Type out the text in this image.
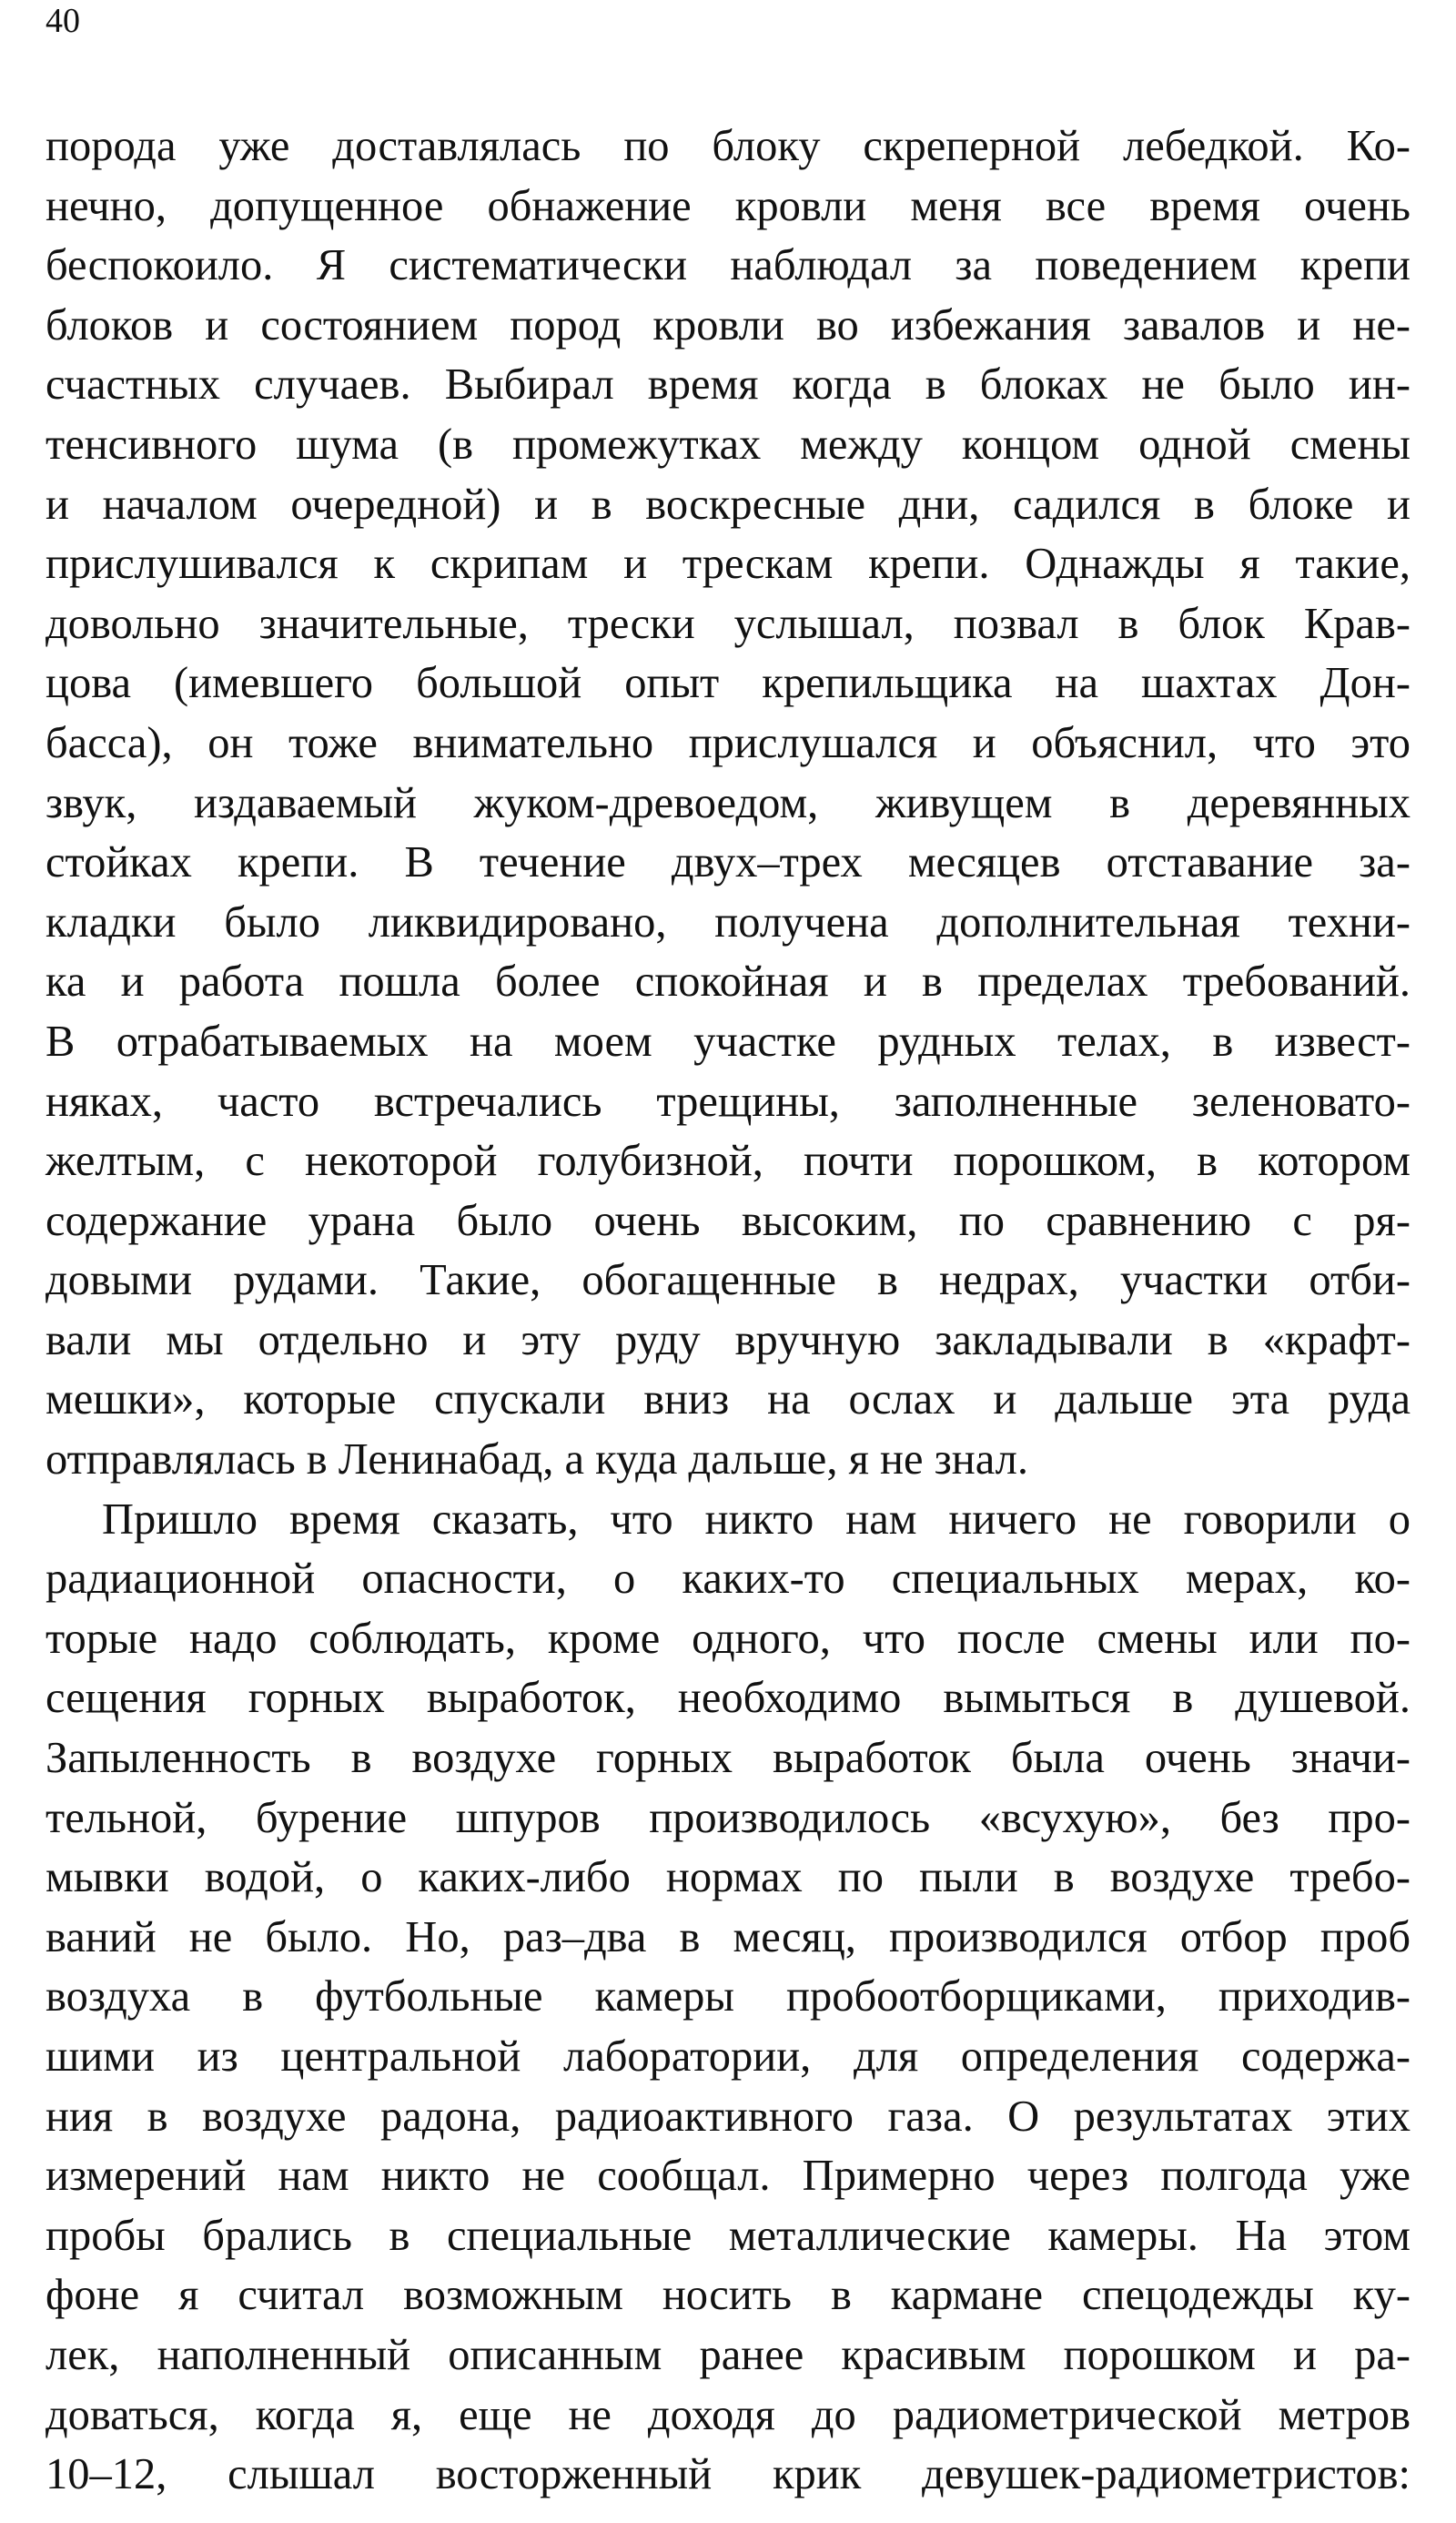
40
порода уже доставлялась по блоку скреперной лебедкой. Ко-
нечно, допущенное обнажение кровли меня все время очень
беспокоило. Я систематически наблюдал за поведением крепи
блоков и состоянием пород кровли во избежания завалов и не-
счастных случаев. Выбирал время когда в блоках не было ин-
тенсивного шума (в промежутках между концом одной смены
и началом очередной) и в воскресные дни, садился в блоке и
прислушивался к скрипам и трескам крепи. Однажды я такие,
довольно значительные, трески услышал, позвал в блок Крав-
цова (имевшего большой опыт крепильщика на шахтах Дон-
басса), он тоже внимательно прислушался и объяснил, что это
звук, издаваемый жуком-древоедом, живущем в деревянных
стойках крепи. В течение двух–трех месяцев отставание за-
кладки было ликвидировано, получена дополнительная техни-
ка и работа пошла более спокойная и в пределах требований.
В отрабатываемых на моем участке рудных телах, в извест-
няках, часто встречались трещины, заполненные зеленовато-
желтым, с некоторой голубизной, почти порошком, в котором
содержание урана было очень высоким, по сравнению с ря-
довыми рудами. Такие, обогащенные в недрах, участки отби-
вали мы отдельно и эту руду вручную закладывали в «крафт-
мешки», которые спускали вниз на ослах и дальше эта руда
отправлялась в Ленинабад, а куда дальше, я не знал.
Пришло время сказать, что никто нам ничего не говорили о
радиационной опасности, о каких-то специальных мерах, ко-
торые надо соблюдать, кроме одного, что после смены или по-
сещения горных выработок, необходимо вымыться в душевой.
Запыленность в воздухе горных выработок была очень значи-
тельной, бурение шпуров производилось «всухую», без про-
мывки водой, о каких-либо нормах по пыли в воздухе требо-
ваний не было. Но, раз–два в месяц, производился отбор проб
воздуха в футбольные камеры пробоотборщиками, приходив-
шими из центральной лаборатории, для определения содержа-
ния в воздухе радона, радиоактивного газа. О результатах этих
измерений нам никто не сообщал. Примерно через полгода уже
пробы брались в специальные металлические камеры. На этом
фоне я считал возможным носить в кармане спецодежды ку-
лек, наполненный описанным ранее красивым порошком и ра-
доваться, когда я, еще не доходя до радиометрической метров
10–12, слышал восторженный крик девушек-радиометристов:
